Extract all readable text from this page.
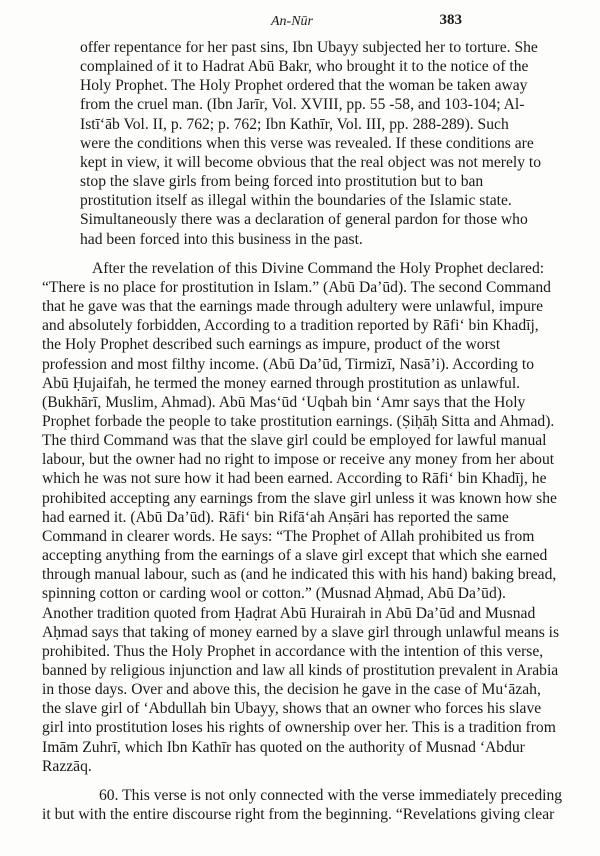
An-Nūr	383
offer repentance for her past sins, Ibn Ubayy subjected her to torture. She
complained of it to Hadrat Abū Bakr, who brought it to the notice of the
Holy Prophet. The Holy Prophet ordered that the woman be taken away
from the cruel man. (Ibn Jarīr, Vol. XVIII, pp. 55 -58, and 103-104; Al-
Istī‘āb Vol. II, p. 762; p. 762; Ibn Kathīr, Vol. III, pp. 288-289). Such
were the conditions when this verse was revealed. If these conditions are
kept in view, it will become obvious that the real object was not merely to
stop the slave girls from being forced into prostitution but to ban
prostitution itself as illegal within the boundaries of the Islamic state.
Simultaneously there was a declaration of general pardon for those who
had been forced into this business in the past.
After the revelation of this Divine Command the Holy Prophet declared:
“There is no place for prostitution in Islam.” (Abū Da’ūd). The second Command
that he gave was that the earnings made through adultery were unlawful, impure
and absolutely forbidden, According to a tradition reported by Rāfi‘ bin Khadīj,
the Holy Prophet described such earnings as impure, product of the worst
profession and most filthy income. (Abū Da’ūd, Tirmizī, Nasā’i). According to
Abū Ḥujaifah, he termed the money earned through prostitution as unlawful.
(Bukhārī, Muslim, Ahmad). Abū Mas‘ūd ‘Uqbah bin ‘Amr says that the Holy
Prophet forbade the people to take prostitution earnings. (Ṣiḥāḥ Sitta and Ahmad).
The third Command was that the slave girl could be employed for lawful manual
labour, but the owner had no right to impose or receive any money from her about
which he was not sure how it had been earned. According to Rāfi‘ bin Khadīj, he
prohibited accepting any earnings from the slave girl unless it was known how she
had earned it. (Abū Da’ūd). Rāfi‘ bin Rifā‘ah Anṣāri has reported the same
Command in clearer words. He says: “The Prophet of Allah prohibited us from
accepting anything from the earnings of a slave girl except that which she earned
through manual labour, such as (and he indicated this with his hand) baking bread,
spinning cotton or carding wool or cotton.” (Musnad Aḥmad, Abū Da’ūd).
Another tradition quoted from Ḥaḍrat Abū Hurairah in Abū Da’ūd and Musnad
Aḥmad says that taking of money earned by a slave girl through unlawful means is
prohibited. Thus the Holy Prophet in accordance with the intention of this verse,
banned by religious injunction and law all kinds of prostitution prevalent in Arabia
in those days. Over and above this, the decision he gave in the case of Mu‘āzah,
the slave girl of ‘Abdullah bin Ubayy, shows that an owner who forces his slave
girl into prostitution loses his rights of ownership over her. This is a tradition from
Imām Zuhrī, which Ibn Kathīr has quoted on the authority of Musnad ‘Abdur
Razzāq.
60. This verse is not only connected with the verse immediately preceding
it but with the entire discourse right from the beginning. “Revelations giving clear
